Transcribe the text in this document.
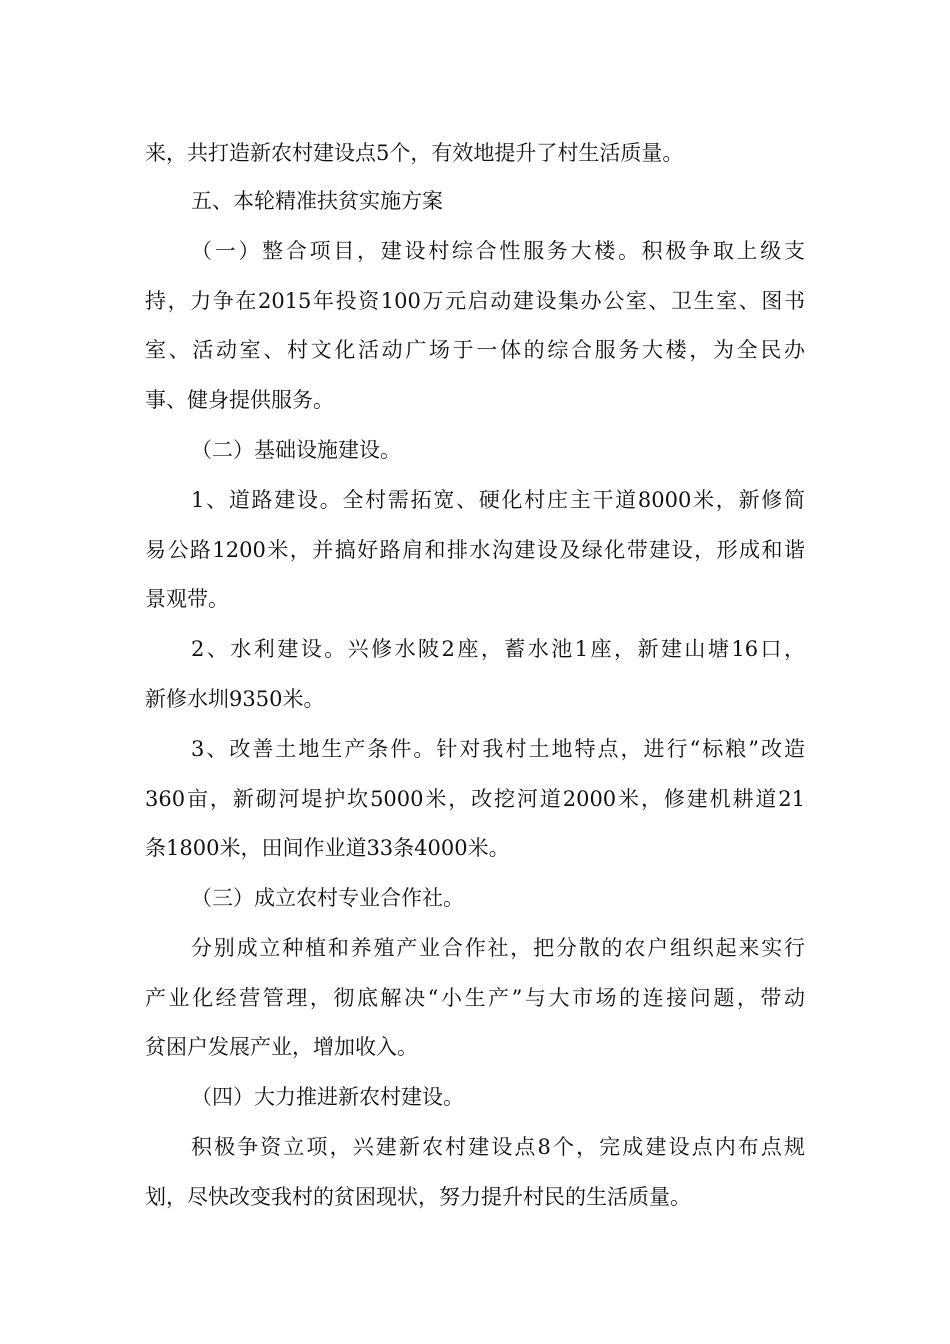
来，共打造新农村建设点5个，有效地提升了村生活质量。
五、本轮精准扶贫实施方案
（一）整合项目，建设村综合性服务大楼。积极争取上级支
持，力争在2015年投资100万元启动建设集办公室、卫生室、图书
室、活动室、村文化活动广场于一体的综合服务大楼，为全民办
事、健身提供服务。
（二）基础设施建设。
1、道路建设。全村需拓宽、硬化村庄主干道8000米，新修简
易公路1200米，并搞好路肩和排水沟建设及绿化带建设，形成和谐
景观带。
2、水利建设。兴修水陂2座，蓄水池1座，新建山塘16口，
新修水圳9350米。
3、改善土地生产条件。针对我村土地特点，进行“标粮”改造
360亩，新砌河堤护坎5000米，改挖河道2000米，修建机耕道21
条1800米，田间作业道33条4000米。
（三）成立农村专业合作社。
分别成立种植和养殖产业合作社，把分散的农户组织起来实行
产业化经营管理，彻底解决“小生产”与大市场的连接问题，带动
贫困户发展产业，增加收入。
（四）大力推进新农村建设。
积极争资立项，兴建新农村建设点8个，完成建设点内布点规
划，尽快改变我村的贫困现状，努力提升村民的生活质量。
